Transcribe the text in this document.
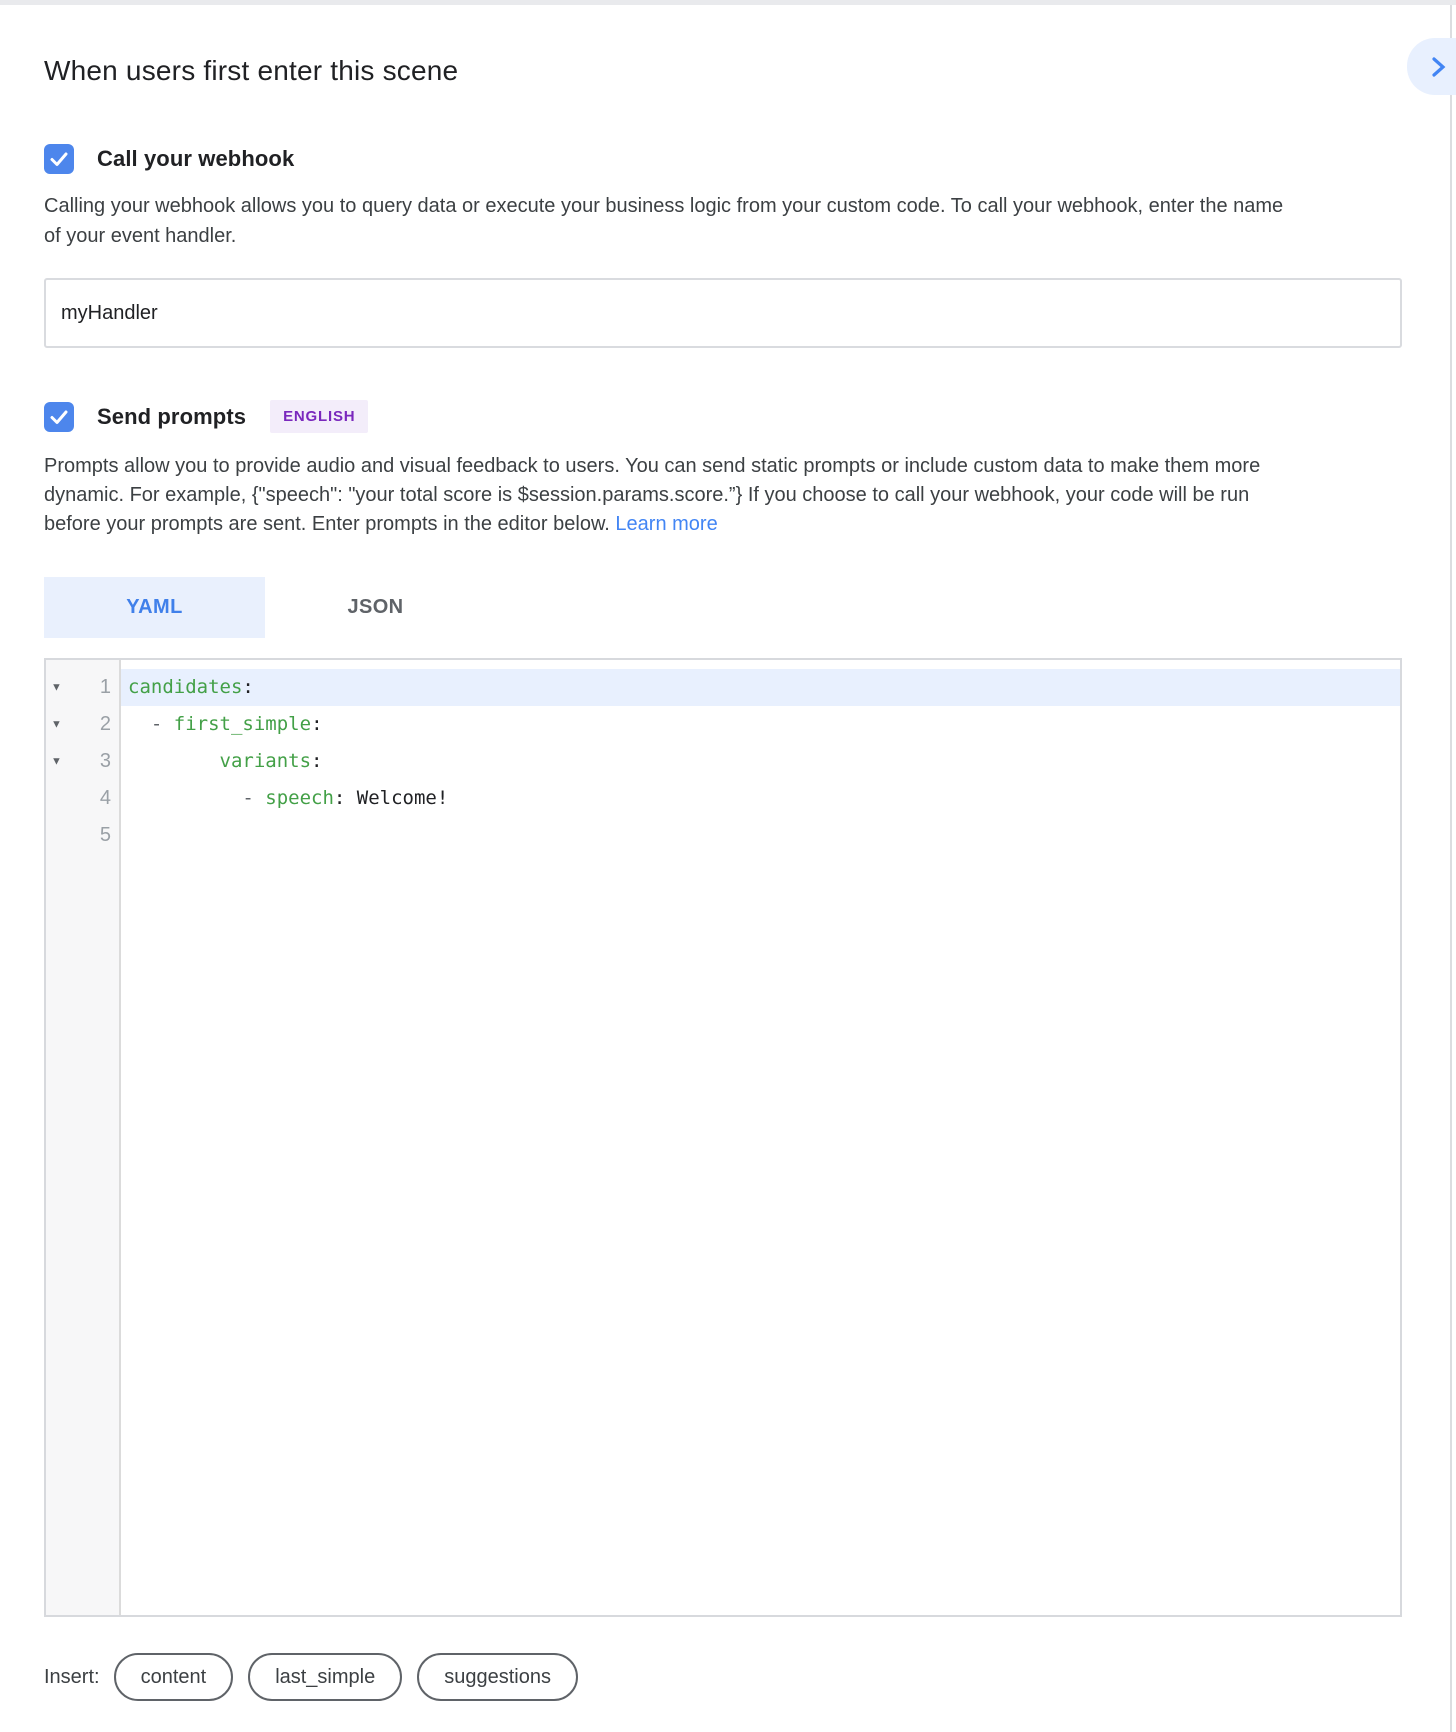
When users first enter this scene
Call your webhook

Calling your webhook allows you to query data or execute your business logic from your custom code. To call your webhook, enter the name of your event handler.

myHandler
Send prompts	ENGLISH

Prompts allow you to provide audio and visual feedback to users. You can send static prompts or include custom data to make them more dynamic. For example, {"speech": "your total score is $session.params.score.”} If you choose to call your webhook, your code will be run before your prompts are sent. Enter prompts in the editor below. Learn more

YAML	JSON
▼ 1
▼ 2
▼ 3
4
5
candidates:
- first_simple:
variants:
- speech: Welcome!
Insert:	content	last_simple	suggestions
